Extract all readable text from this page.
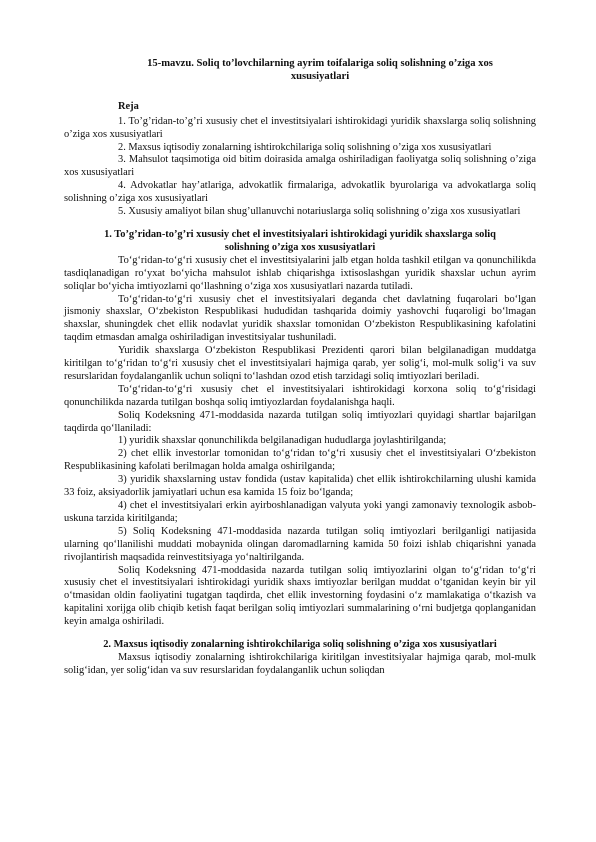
15-mavzu. Soliq to’lovchilarning ayrim toifalariga soliq solishning o’ziga xos
xususiyatlari
Reja

1. To’g’ridan-to’g’ri xususiy chet el investitsiyalari ishtirokidagi yuridik shaxslarga soliq solishning o’ziga xos xususiyatlari

2. Maxsus iqtisodiy zonalarning ishtirokchilariga soliq solishning o’ziga xos xususiyatlari

3. Mahsulot taqsimotiga oid bitim doirasida amalga oshiriladigan faoliyatga soliq solishning o’ziga xos xususiyatlari

4. Advokatlar hay’atlariga, advokatlik firmalariga, advokatlik byurolariga va advokatlarga soliq solishning o’ziga xos xususiyatlari

5. Xususiy amaliyot bilan shug’ullanuvchi notariuslarga soliq solishning o’ziga xos xususiyatlari

1. To’g’ridan-to’g’ri xususiy chet el investitsiyalari ishtirokidagi yuridik shaxslarga soliq
solishning o’ziga xos xususiyatlari

To‘g‘ridan-to‘g‘ri xususiy chet el investitsiyalarini jalb etgan holda tashkil etilgan va qonunchilikda tasdiqlanadigan ro‘yxat bo‘yicha mahsulot ishlab chiqarishga ixtisoslashgan yuridik shaxslar uchun ayrim soliqlar bo‘yicha imtiyozlarni qo‘llashning o‘ziga xos xususiyatlari nazarda tutiladi.

To‘g‘ridan-to‘g‘ri xususiy chet el investitsiyalari deganda chet davlatning fuqarolari bo‘lgan jismoniy shaxslar, O‘zbekiston Respublikasi hududidan tashqarida doimiy yashovchi fuqaroligi bo‘lmagan shaxslar, shuningdek chet ellik nodavlat yuridik shaxslar tomonidan O‘zbekiston Respublikasining kafolatini taqdim etmasdan amalga oshiriladigan investitsiyalar tushuniladi.

Yuridik shaxslarga O‘zbekiston Respublikasi Prezidenti qarori bilan belgilanadigan muddatga kiritilgan to‘g‘ridan to‘g‘ri xususiy chet el investitsiyalari hajmiga qarab, yer solig‘i, mol-mulk solig‘i va suv resurslaridan foydalanganlik uchun soliqni to‘lashdan ozod etish tarzidagi soliq imtiyozlari beriladi.

To‘g‘ridan-to‘g‘ri xususiy chet el investitsiyalari ishtirokidagi korxona soliq to‘g‘risidagi qonunchilikda nazarda tutilgan boshqa soliq imtiyozlardan foydalanishga haqli.

Soliq Kodeksning 471-moddasida nazarda tutilgan soliq imtiyozlari quyidagi shartlar bajarilgan taqdirda qo‘llaniladi:

1) yuridik shaxslar qonunchilikda belgilanadigan hududlarga joylashtirilganda;

2) chet ellik investorlar tomonidan to‘g‘ridan to‘g‘ri xususiy chet el investitsiyalari O‘zbekiston Respublikasining kafolati berilmagan holda amalga oshirilganda;

3) yuridik shaxslarning ustav fondida (ustav kapitalida) chet ellik ishtirokchilarning ulushi kamida 33 foiz, aksiyadorlik jamiyatlari uchun esa kamida 15 foiz bo‘lganda;

4) chet el investitsiyalari erkin ayirboshlanadigan valyuta yoki yangi zamonaviy texnologik asbob-uskuna tarzida kiritilganda;

5) Soliq Kodeksning 471-moddasida nazarda tutilgan soliq imtiyozlari berilganligi natijasida ularning qo‘llanilishi muddati mobaynida olingan daromadlarning kamida 50 foizi ishlab chiqarishni yanada rivojlantirish maqsadida reinvestitsiyaga yo‘naltirilganda.

Soliq Kodeksning 471-moddasida nazarda tutilgan soliq imtiyozlarini olgan to‘g‘ridan to‘g‘ri xususiy chet el investitsiyalari ishtirokidagi yuridik shaxs imtiyozlar berilgan muddat o‘tganidan keyin bir yil o‘tmasidan oldin faoliyatini tugatgan taqdirda, chet ellik investorning foydasini o‘z mamlakatiga o‘tkazish va kapitalini xorijga olib chiqib ketish faqat berilgan soliq imtiyozlari summalarining o‘rni budjetga qoplanganidan keyin amalga oshiriladi.

2. Maxsus iqtisodiy zonalarning ishtirokchilariga soliq solishning o’ziga xos xususiyatlari

Maxsus iqtisodiy zonalarning ishtirokchilariga kiritilgan investitsiyalar hajmiga qarab, mol-mulk solig‘idan, yer solig‘idan va suv resurslaridan foydalanganlik uchun soliqdan
